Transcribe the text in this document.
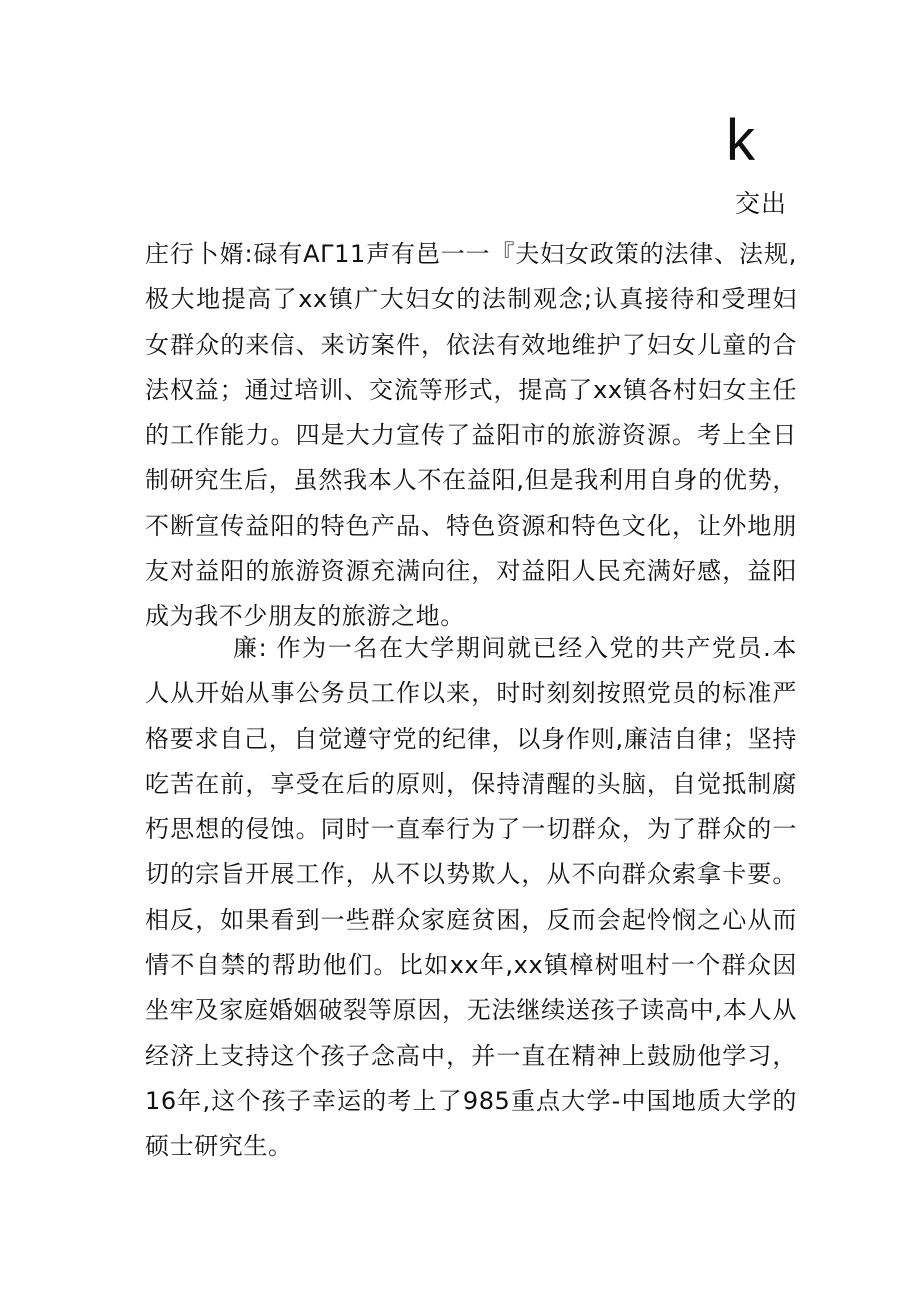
k
交出

庄行卜婿:碌有AΓ11声有邑一一『夫妇女政策的法律、法规,极大地提高了xx镇广大妇女的法制观念;认真接待和受理妇女群众的来信、来访案件，依法有效地维护了妇女儿童的合法权益；通过培训、交流等形式，提高了xx镇各村妇女主任的工作能力。四是大力宣传了益阳市的旅游资源。考上全日制研究生后，虽然我本人不在益阳,但是我利用自身的优势，不断宣传益阳的特色产品、特色资源和特色文化，让外地朋友对益阳的旅游资源充满向往，对益阳人民充满好感，益阳成为我不少朋友的旅游之地。

廉: 作为一名在大学期间就已经入党的共产党员.本人从开始从事公务员工作以来，时时刻刻按照党员的标准严格要求自己，自觉遵守党的纪律，以身作则,廉洁自律；坚持吃苦在前，享受在后的原则，保持清醒的头脑，自觉抵制腐朽思想的侵蚀。同时一直奉行为了一切群众，为了群众的一切的宗旨开展工作，从不以势欺人，从不向群众索拿卡要。相反，如果看到一些群众家庭贫困，反而会起怜悯之心从而情不自禁的帮助他们。比如xx年,xx镇樟树咀村一个群众因坐牢及家庭婚姻破裂等原因，无法继续送孩子读高中,本人从经济上支持这个孩子念高中，并一直在精神上鼓励他学习，16年,这个孩子幸运的考上了985重点大学-中国地质大学的硕士研究生。
